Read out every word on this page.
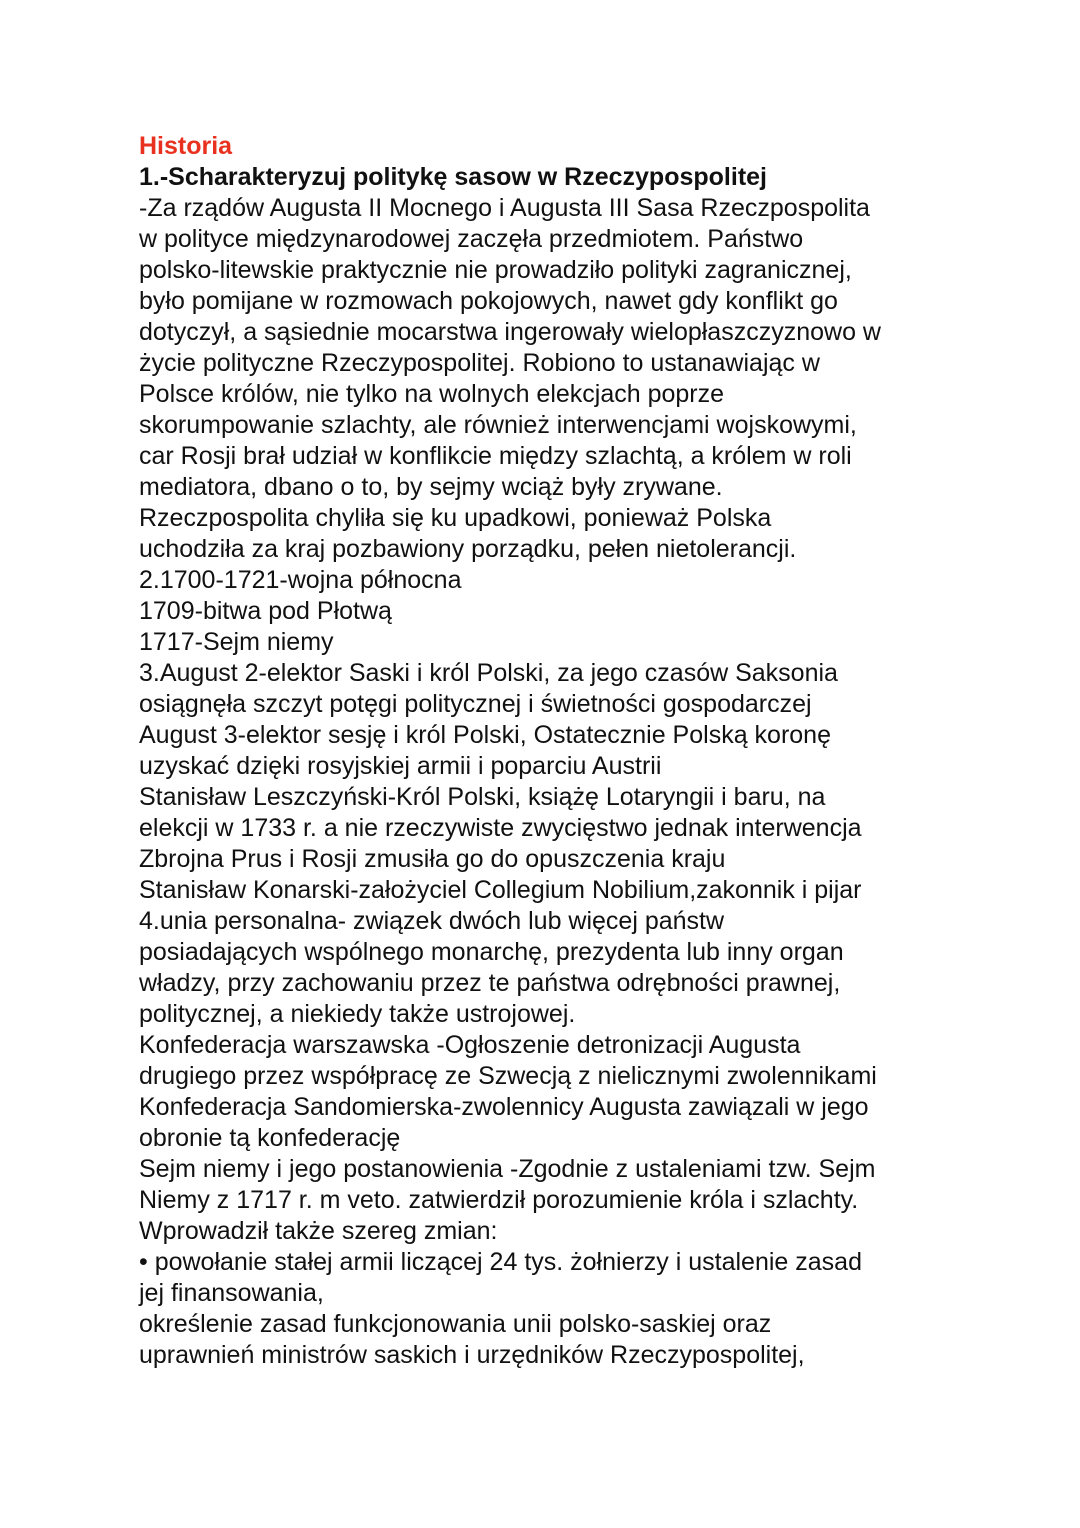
Historia
1.-Scharakteryzuj politykę sasow w Rzeczypospolitej
-Za rządów Augusta II Mocnego i Augusta III Sasa Rzeczpospolita
w polityce międzynarodowej zaczęła przedmiotem. Państwo
polsko-litewskie praktycznie nie prowadziło polityki zagranicznej,
było pomijane w rozmowach pokojowych, nawet gdy konflikt go
dotyczył, a sąsiednie mocarstwa ingerowały wielopłaszczyznowo w
życie polityczne Rzeczypospolitej. Robiono to ustanawiając w
Polsce królów, nie tylko na wolnych elekcjach poprze
skorumpowanie szlachty, ale również interwencjami wojskowymi,
car Rosji brał udział w konflikcie między szlachtą, a królem w roli
mediatora, dbano o to, by sejmy wciąż były zrywane.
Rzeczpospolita chyliła się ku upadkowi, ponieważ Polska
uchodziła za kraj pozbawiony porządku, pełen nietolerancji.
2.1700-1721-wojna północna
1709-bitwa pod Płotwą
1717-Sejm niemy
3.August 2-elektor Saski i król Polski, za jego czasów Saksonia
osiągnęła szczyt potęgi politycznej i świetności gospodarczej
August 3-elektor sesję i król Polski, Ostatecznie Polską koronę
uzyskać dzięki rosyjskiej armii i poparciu Austrii
Stanisław Leszczyński-Król Polski, książę Lotaryngii i baru, na
elekcji w 1733 r. a nie rzeczywiste zwycięstwo jednak interwencja
Zbrojna Prus i Rosji zmusiła go do opuszczenia kraju
Stanisław Konarski-założyciel Collegium Nobilium,zakonnik i pijar
4.unia personalna- związek dwóch lub więcej państw
posiadających wspólnego monarchę, prezydenta lub inny organ
władzy, przy zachowaniu przez te państwa odrębności prawnej,
politycznej, a niekiedy także ustrojowej.
Konfederacja warszawska -Ogłoszenie detronizacji Augusta
drugiego przez współpracę ze Szwecją z nielicznymi zwolennikami
Konfederacja Sandomierska-zwolennicy Augusta zawiązali w jego
obronie tą konfederację
Sejm niemy i jego postanowienia -Zgodnie z ustaleniami tzw. Sejm
Niemy z 1717 r. m veto. zatwierdził porozumienie króla i szlachty.
Wprowadził także szereg zmian:
• powołanie stałej armii liczącej 24 tys. żołnierzy i ustalenie zasad
jej finansowania,
określenie zasad funkcjonowania unii polsko-saskiej oraz
uprawnień ministrów saskich i urzędników Rzeczypospolitej,
